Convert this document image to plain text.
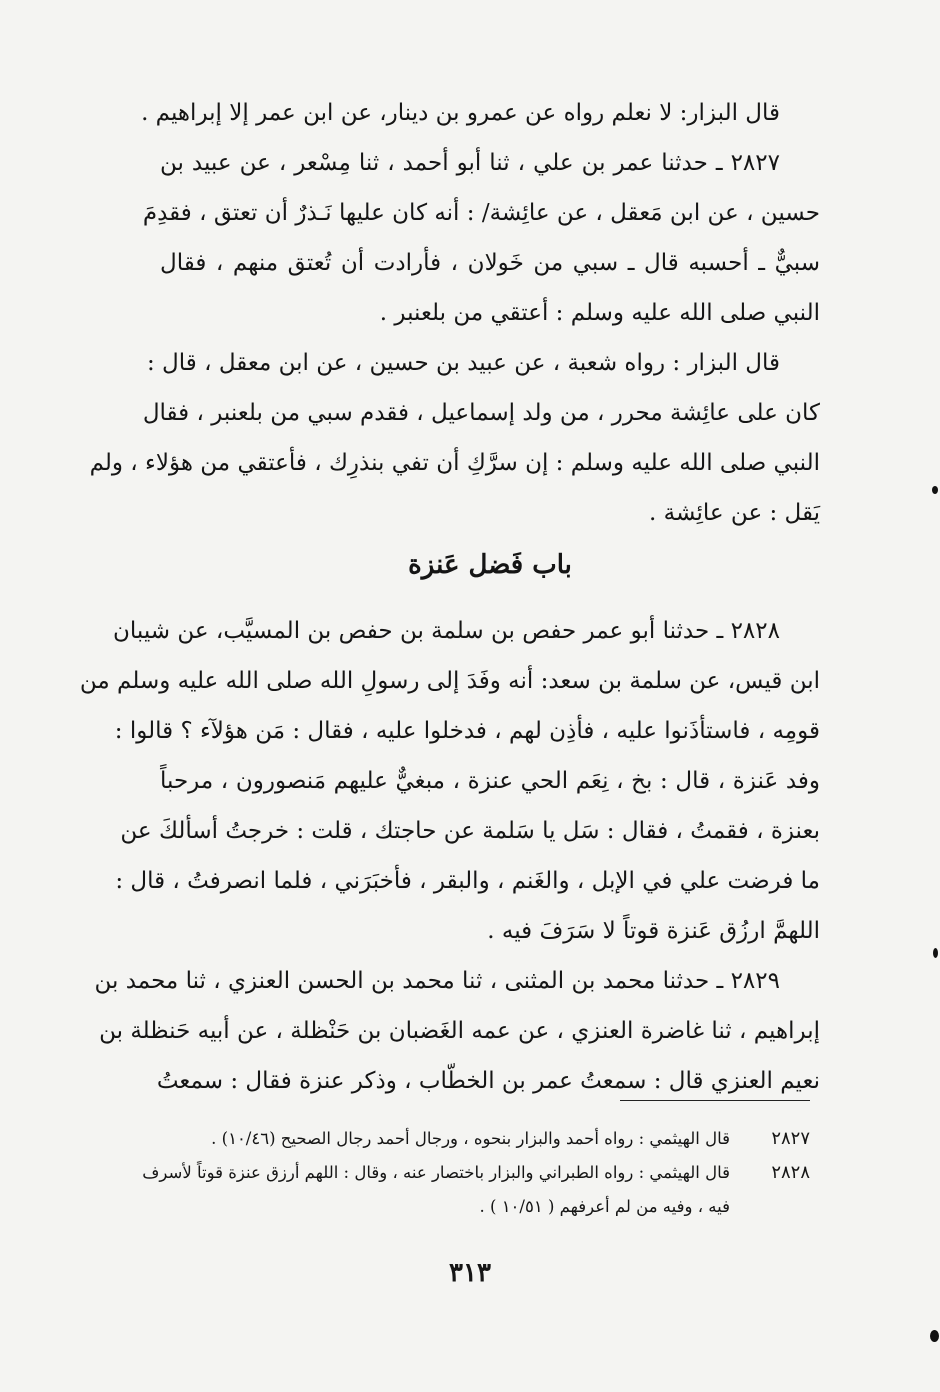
قال البزار: لا نعلم رواه عن عمرو بن دينار، عن ابن عمر إلا إبراهيم .
٢٨٢٧ ـ حدثنا عمر بن علي ، ثنا أبو أحمد ، ثنا مِسْعر ، عن عبيد بن
حسين ، عن ابن مَعقل ، عن عائِشة/ : أنه كان عليها نَـذرٌ أن تعتق ، فقدِمَ
سبيٌّ ـ أحسبه قال ـ سبي من خَولان ، فأرادت أن تُعتق منهم ، فقال
النبي صلى الله عليه وسلم : أعتقي من بلعنبر .
قال البزار : رواه شعبة ، عن عبيد بن حسين ، عن ابن معقل ، قال :
كان على عائِشة محرر ، من ولد إسماعيل ، فقدم سبي من بلعنبر ، فقال
النبي صلى الله عليه وسلم : إن سرَّكِ أن تفي بنذرِك ، فأعتقي من هؤلاء ، ولم
يَقل : عن عائِشة .
باب فَضل عَنزة
٢٨٢٨ ـ حدثنا أبو عمر حفص بن سلمة بن حفص بن المسيَّب، عن شيبان
ابن قيس، عن سلمة بن سعد: أنه وفَدَ إلى رسولِ الله صلى الله عليه وسلم من
قومِه ، فاستأذَنوا عليه ، فأذِن لهم ، فدخلوا عليه ، فقال : مَن هؤلآء ؟ قالوا :
وفد عَنزة ، قال : بخ ، نِعَم الحي عنزة ، مبغيٌّ عليهم مَنصورون ، مرحباً
بعنزة ، فقمتُ ، فقال : سَل يا سَلمة عن حاجتك ، قلت : خرجتُ أسألكَ عن
ما فرضت علي في الإبل ، والغَنم ، والبقر ، فأخبَرَني ، فلما انصرفتُ ، قال :
اللهمَّ ارزُق عَنزة قوتاً لا سَرَفَ فيه .
٢٨٢٩ ـ حدثنا محمد بن المثنى ، ثنا محمد بن الحسن العنزي ، ثنا محمد بن
إبراهيم ، ثنا غاضرة العنزي ، عن عمه الغَضبان بن حَنْظلة ، عن أبيه حَنظلة بن
نعيم العنزي قال : سمعتُ عمر بن الخطّاب ، وذكر عنزة فقال : سمعتُ
٢٨٢٧
قال الهيثمي : رواه أحمد والبزار بنحوه ، ورجال أحمد رجال الصحيح (١٠/٤٦) .
٢٨٢٨
قال الهيثمي : رواه الطبراني والبزار باختصار عنه ، وقال : اللهم أرزق عنزة قوتاً لأسرف
فيه ، وفيه من لم أعرفهم ( ١٠/٥١ ) .
٣١٣
